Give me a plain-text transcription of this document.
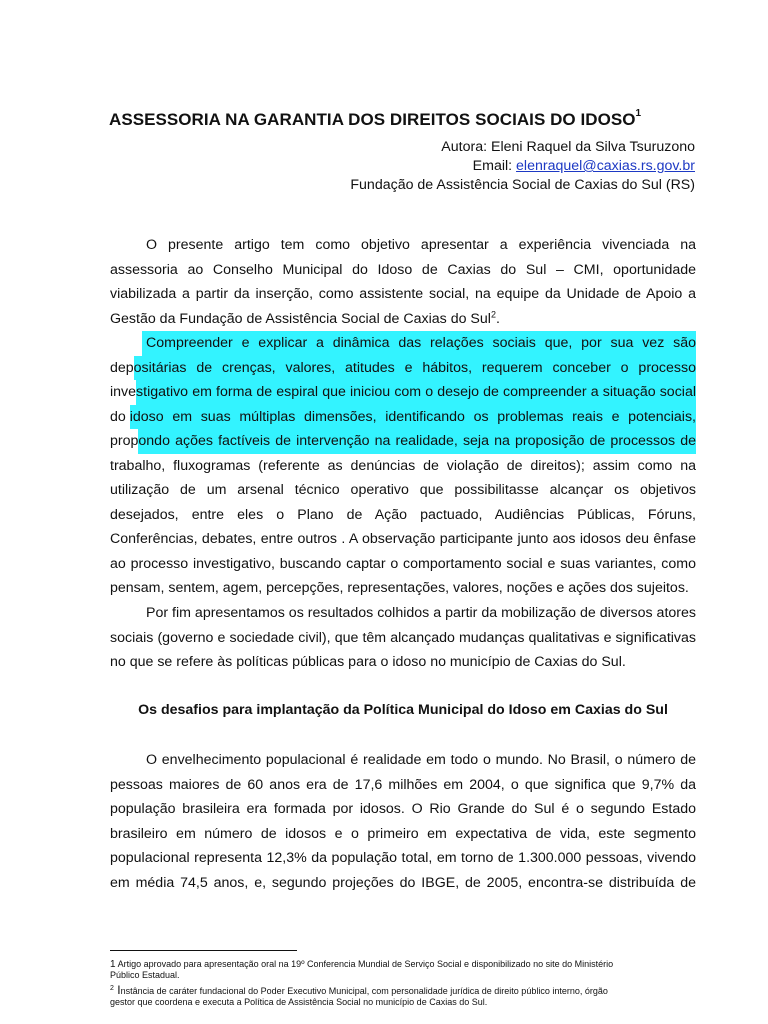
ASSESSORIA NA GARANTIA DOS DIREITOS SOCIAIS DO IDOSO$^1$
Autora: Eleni Raquel da Silva Tsuruzono
Email: elenraquel@caxias.rs.gov.br
Fundação de Assistência Social de Caxias do Sul (RS)
O presente artigo tem como objetivo apresentar a experiência vivenciada na
assessoria ao Conselho Municipal do Idoso de Caxias do Sul – CMI, oportunidade
viabilizada a partir da inserção, como assistente social, na equipe da Unidade de Apoio a
Gestão da Fundação de Assistência Social de Caxias do Sul$^2$.
Compreender e explicar a dinâmica das relações sociais que, por sua vez são
dep ositárias de crenças, valores, atitudes e hábitos, requerem conceber o processo
inve stigativo em forma de espiral que iniciou com o desejo de compreender a situação social
do idoso em suas múltiplas dimensões, identificando os problemas reais e potenciais,
prop ondo ações factíveis de intervenção na realidade, seja na proposição de processos de
trabalho, fluxogramas (referente as denúncias de violação de direitos); assim como na
utilização de um arsenal técnico operativo que possibilitasse alcançar os objetivos
desejados, entre eles o Plano de Ação pactuado, Audiências Públicas, Fóruns,
Conferências, debates, entre outros . A observação participante junto aos idosos deu ênfase
ao processo investigativo, buscando captar o comportamento social e suas variantes, como
pensam, sentem, agem, percepções, representações, valores, noções e ações dos sujeitos.
Por fim apresentamos os resultados colhidos a partir da mobilização de diversos atores
sociais (governo e sociedade civil), que têm alcançado mudanças qualitativas e significativas
no que se refere às políticas públicas para o idoso no município de Caxias do Sul.
Os desafios para implantação da Política Municipal do Idoso em Caxias do Sul
O envelhecimento populacional é realidade em todo o mundo. No Brasil, o número de
pessoas maiores de 60 anos era de 17,6 milhões em 2004, o que significa que 9,7% da
população brasileira era formada por idosos. O Rio Grande do Sul é o segundo Estado
brasileiro em número de idosos e o primeiro em expectativa de vida, este segmento
populacional representa 12,3% da população total, em torno de 1.300.000 pessoas, vivendo
em média 74,5 anos, e, segundo projeções do IBGE, de 2005, encontra-se distribuída de
1 Artigo aprovado para apresentação oral na 19º Conferencia Mundial de Serviço Social e disponibilizado no site do Ministério
Público Estadual.
$^2$ Instância de caráter fundacional do Poder Executivo Municipal, com personalidade jurídica de direito público interno, órgão
gestor que coordena e executa a Política de Assistência Social no município de Caxias do Sul.
